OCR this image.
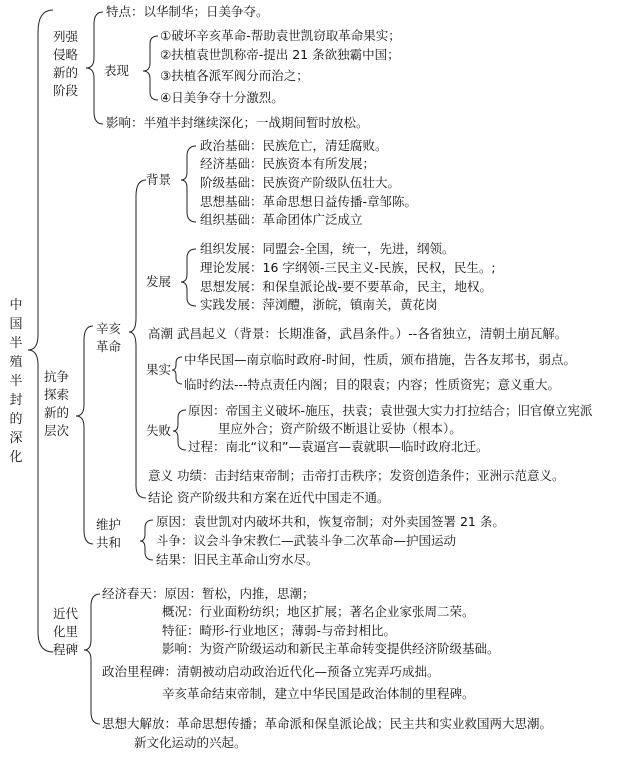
中
国
半
殖
半
封
的
深
化
列强
侵略
新的
阶段
特点：以华制华；日美争夺。
表现
①破坏辛亥革命-帮助袁世凯窃取革命果实；
②扶植袁世凯称帝-提出 21 条欲独霸中国；
③扶植各派军阀分而治之；
④日美争夺十分激烈。
影响：半殖半封继续深化；一战期间暂时放松。
抗争
探索
新的
层次
辛亥
革命
背景
政治基础：民族危亡，清廷腐败。
经济基础：民族资本有所发展；
阶级基础：民族资产阶级队伍壮大。
思想基础：革命思想日益传播-章邹陈。
组织基础：革命团体广泛成立
发展
组织发展：同盟会-全国，统一，先进，纲领。
理论发展：16 字纲领-三民主义-民族，民权，民生。;
思想发展：和保皇派论战-要不要革命，民主，地权。
实践发展：萍浏醴，浙皖，镇南关，黄花岗
高潮 武昌起义（背景：长期准备，武昌条件。）--各省独立，清朝土崩瓦解。
果实
中华民国—南京临时政府-时间，性质，颁布措施，告各友邦书，弱点。
临时约法---特点责任内阁；目的限袁；内容；性质资宪；意义重大。
失败
原因：帝国主义破坏-施压，扶袁；袁世强大实力打拉结合；旧官僚立宪派
里应外合；资产阶级不断退让妥协（根本）。
过程：南北“议和”—袁逼宫—袁就职—临时政府北迁。
意义 功绩：击封结束帝制；击帝打击秩序；发资创造条件；亚洲示范意义。
结论 资产阶级共和方案在近代中国走不通。
维护
共和
原因：袁世凯对内破坏共和，恢复帝制；对外卖国签署 21 条。
斗争：议会斗争宋教仁—武装斗争二次革命—护国运动
结果：旧民主革命山穷水尽。
近代
化里
程碑
经济春天：原因：暂松，内推，思潮；
概况：行业面粉纺织；地区扩展；著名企业家张周二荣。
特征：畸形-行业地区；薄弱-与帝封相比。
影响：为资产阶级运动和新民主革命转变提供经济阶级基础。
政治里程碑：清朝被动启动政治近代化—预备立宪弄巧成拙。
辛亥革命结束帝制，建立中华民国是政治体制的里程碑。
思想大解放：革命思想传播；革命派和保皇派论战；民主共和实业救国两大思潮。
新文化运动的兴起。
